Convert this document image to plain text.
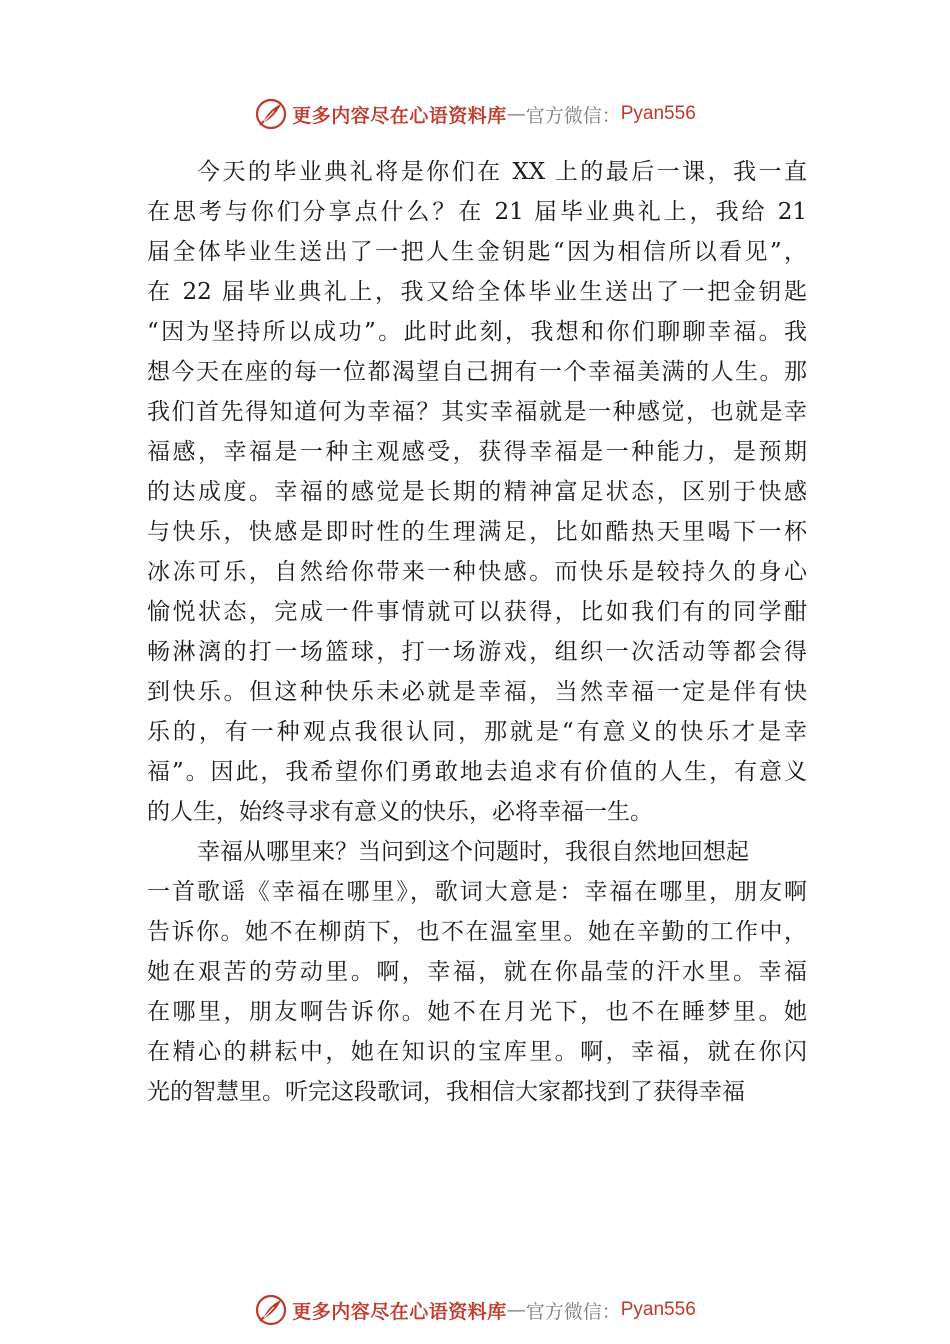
更多内容尽在心语资料库 — 官方微信： Pyan556
今天的毕业典礼将是你们在 XX 上的最后一课，我一直
在思考与你们分享点什么？在 21 届毕业典礼上，我给 21
届全体毕业生送出了一把人生金钥匙“因为相信所以看见”，
在 22 届毕业典礼上，我又给全体毕业生送出了一把金钥匙
“因为坚持所以成功”。此时此刻，我想和你们聊聊幸福。我
想今天在座的每一位都渴望自己拥有一个幸福美满的人生。那
我们首先得知道何为幸福？其实幸福就是一种感觉，也就是幸
福感，幸福是一种主观感受，获得幸福是一种能力，是预期
的达成度。幸福的感觉是长期的精神富足状态，区别于快感
与快乐，快感是即时性的生理满足，比如酷热天里喝下一杯
冰冻可乐，自然给你带来一种快感。而快乐是较持久的身心
愉悦状态，完成一件事情就可以获得，比如我们有的同学酣
畅淋漓的打一场篮球，打一场游戏，组织一次活动等都会得
到快乐。但这种快乐未必就是幸福，当然幸福一定是伴有快
乐的，有一种观点我很认同，那就是“有意义的快乐才是幸
福”。因此，我希望你们勇敢地去追求有价值的人生，有意义
的人生，始终寻求有意义的快乐，必将幸福一生。
幸福从哪里来？当问到这个问题时，我很自然地回想起
一首歌谣《幸福在哪里》，歌词大意是：幸福在哪里，朋友啊
告诉你。她不在柳荫下，也不在温室里。她在辛勤的工作中，
她在艰苦的劳动里。啊，幸福，就在你晶莹的汗水里。幸福
在哪里，朋友啊告诉你。她不在月光下，也不在睡梦里。她
在精心的耕耘中，她在知识的宝库里。啊，幸福，就在你闪
光的智慧里。听完这段歌词，我相信大家都找到了获得幸福
更多内容尽在心语资料库 — 官方微信： Pyan556
